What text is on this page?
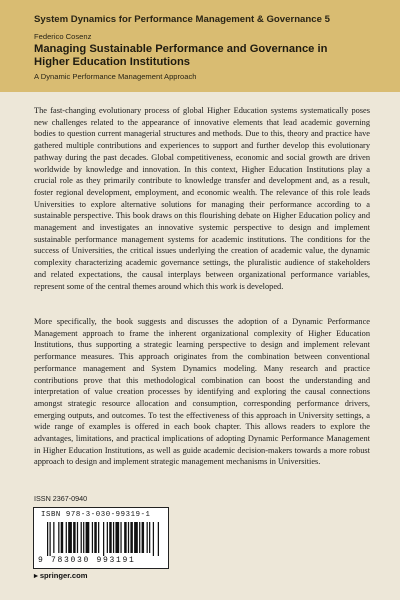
System Dynamics for Performance Management & Governance 5
Federico Cosenz
Managing Sustainable Performance and Governance in Higher Education Institutions
A Dynamic Performance Management Approach

The fast-changing evolutionary process of global Higher Education systems systematically poses new challenges related to the appearance of innovative elements that lead academic governing bodies to question current managerial structures and methods. Due to this, theory and practice have gathered multiple contributions and experiences to support and further develop this evolutionary pathway during the past decades. Global competitiveness, economic and social growth are driven worldwide by knowledge and innovation. In this context, Higher Education Institutions play a crucial role as they primarily contribute to knowledge transfer and development and, as a result, foster regional development, employment, and economic wealth. The relevance of this role leads Universities to explore alternative solutions for managing their performance according to a sustainable perspective. This book draws on this flourishing debate on Higher Education policy and management and investigates an innovative systemic perspective to design and implement sustainable performance management systems for academic institutions. The conditions for the success of Universities, the critical issues underlying the creation of academic value, the dynamic complexity characterizing academic governance settings, the pluralistic audience of stakeholders and related expectations, the causal interplays between organizational performance variables, represent some of the central themes around which this work is developed.

More specifically, the book suggests and discusses the adoption of a Dynamic Performance Management approach to frame the inherent organizational complexity of Higher Education Institutions, thus supporting a strategic learning perspective to design and implement relevant performance measures. This approach originates from the combination between conventional performance management and System Dynamics modeling. Many research and practice contributions prove that this methodological combination can boost the understanding and interpretation of value creation processes by identifying and exploring the causal connections amongst strategic resource allocation and consumption, corresponding performance drivers, emerging outputs, and outcomes. To test the effectiveness of this approach in University settings, a wide range of examples is offered in each book chapter. This allows readers to explore the advantages, limitations, and practical implications of adopting Dynamic Performance Management in Higher Education Institutions, as well as guide academic decision-makers towards a more robust approach to design and implement strategic management mechanisms in Universities.

ISSN 2367-0940
ISBN 978-3-030-99319-1
9 783030 993191
▸ springer.com
